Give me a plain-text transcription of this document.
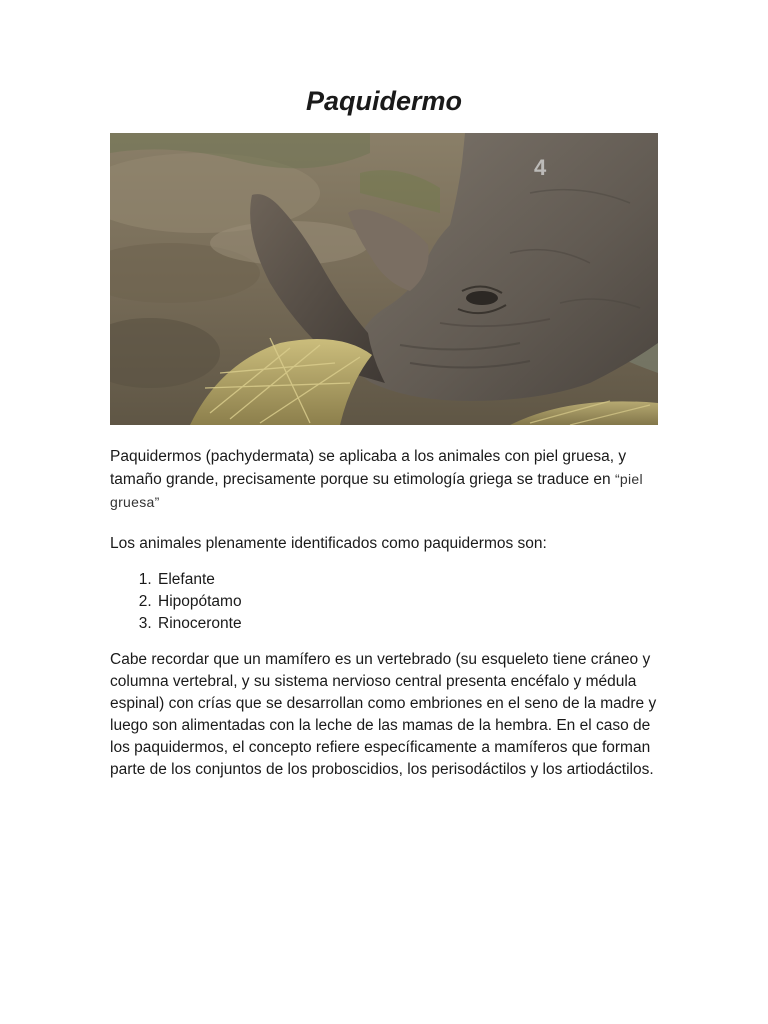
Paquidermo
4

Paquidermos (pachydermata) se aplicaba a los animales con piel gruesa, y tamaño grande, precisamente porque su etimología griega se traduce en “piel gruesa”

Los animales plenamente identificados como paquidermos son:

1. Elefante
2. Hipopótamo
3. Rinoceronte

Cabe recordar que un mamífero es un vertebrado (su esqueleto tiene cráneo y columna vertebral, y su sistema nervioso central presenta encéfalo y médula espinal) con crías que se desarrollan como embriones en el seno de la madre y luego son alimentadas con la leche de las mamas de la hembra. En el caso de los paquidermos, el concepto refiere específicamente a mamíferos que forman parte de los conjuntos de los proboscidios, los perisodáctilos y los artiodáctilos.
